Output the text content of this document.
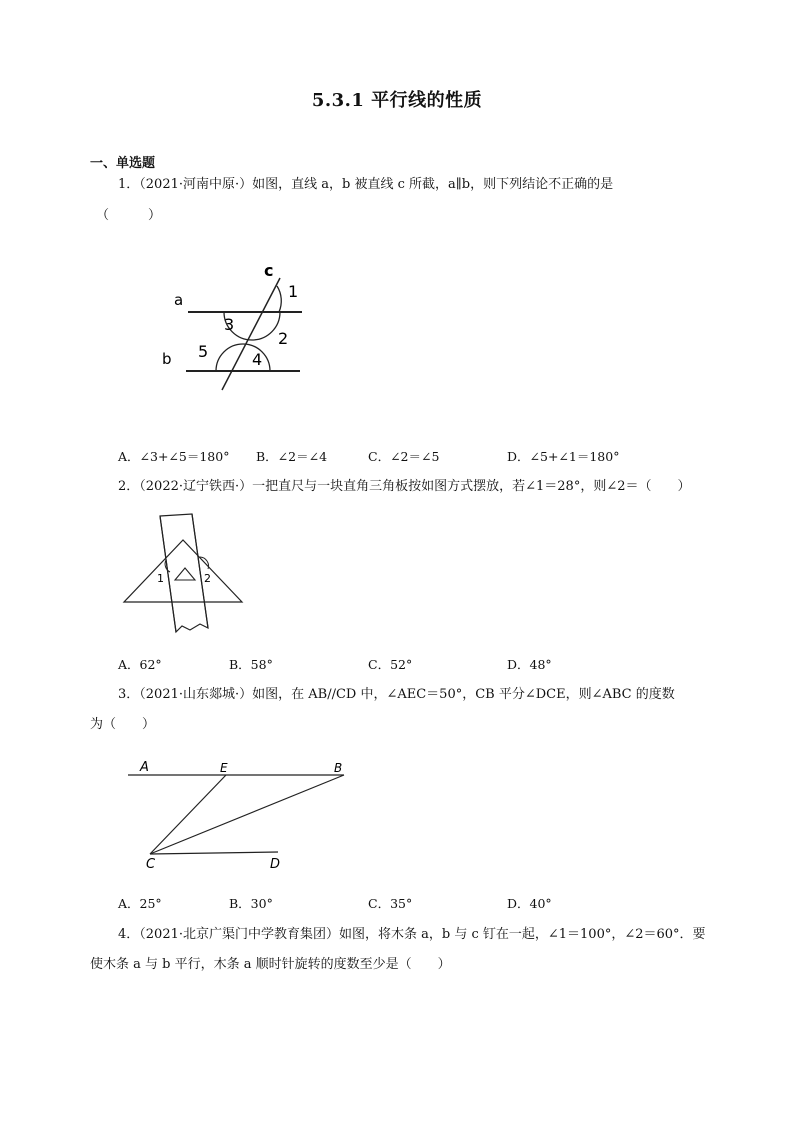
5.3.1 平行线的性质
一、单选题
1．（2021·河南中原·）如图，直线 a，b 被直线 c 所截，a∥b，则下列结论不正确的是
（　　　）
a
b
c
1
2
3
4
5
A．∠3+∠5＝180° B．∠2＝∠4	C．∠2＝∠5	D．∠5+∠1＝180°
2．（2022·辽宁铁西·）一把直尺与一块直角三角板按如图方式摆放，若∠1＝28°，则∠2＝（　　）
1	2
A．62°	B．58°	C．52°	D．48°
3．（2021·山东郯城·）如图，在 AB//CD 中，∠AEC＝50°，CB 平分∠DCE，则∠ABC 的度数
为（　　）
A	E	B
C	D
A．25°	B．30°	C．35°	D．40°
4．（2021·北京广渠门中学教育集团）如图，将木条 a，b 与 c 钉在一起，∠1＝100°，∠2＝60°．要
使木条 a 与 b 平行，木条 a 顺时针旋转的度数至少是（　　）
